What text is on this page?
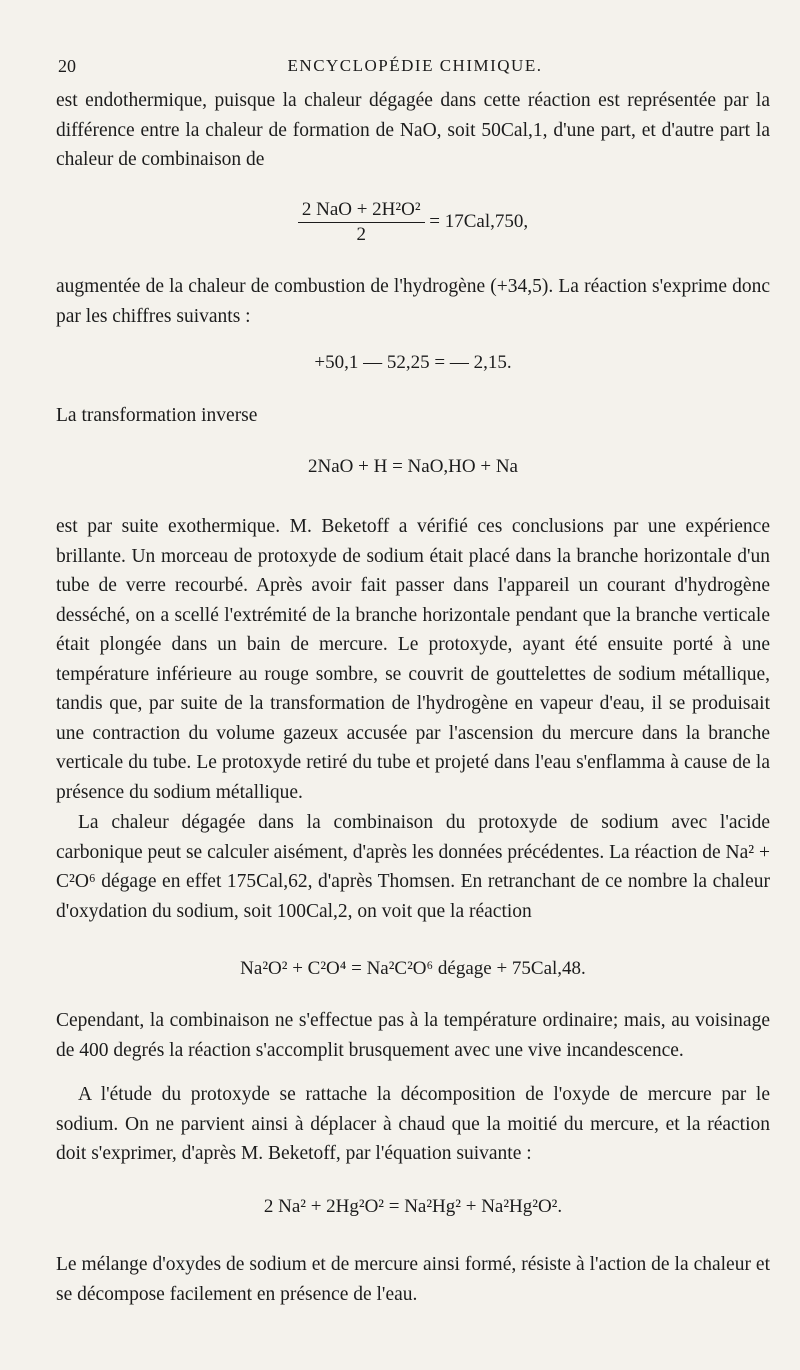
20	ENCYCLOPÉDIE CHIMIQUE.

est endothermique, puisque la chaleur dégagée dans cette réaction est représentée par la différence entre la chaleur de formation de NaO, soit 50Cal,1, d'une part, et d'autre part la chaleur de combinaison de

$\frac{\text{2 NaO + 2H²O²}}{2} = 17Cal,750$,

augmentée de la chaleur de combustion de l'hydrogène (+34,5). La réaction s'exprime donc par les chiffres suivants :

+50,1 — 52,25 = — 2,15.

La transformation inverse

2NaO + H = NaO,HO + Na

est par suite exothermique. M. Beketoff a vérifié ces conclusions par une expérience brillante. Un morceau de protoxyde de sodium était placé dans la branche horizontale d'un tube de verre recourbé. Après avoir fait passer dans l'appareil un courant d'hydrogène desséché, on a scellé l'extrémité de la branche horizontale pendant que la branche verticale était plongée dans un bain de mercure. Le protoxyde, ayant été ensuite porté à une température inférieure au rouge sombre, se couvrit de gouttelettes de sodium métallique, tandis que, par suite de la transformation de l'hydrogène en vapeur d'eau, il se produisait une contraction du volume gazeux accusée par l'ascension du mercure dans la branche verticale du tube. Le protoxyde retiré du tube et projeté dans l'eau s'enflamma à cause de la présence du sodium métallique.

La chaleur dégagée dans la combinaison du protoxyde de sodium avec l'acide carbonique peut se calculer aisément, d'après les données précédentes. La réaction de Na² + C²O⁶ dégage en effet 175Cal,62, d'après Thomsen. En retranchant de ce nombre la chaleur d'oxydation du sodium, soit 100Cal,2, on voit que la réaction

Na²O² + C²O⁴ = Na²C²O⁶ dégage + 75Cal,48.

Cependant, la combinaison ne s'effectue pas à la température ordinaire; mais, au voisinage de 400 degrés la réaction s'accomplit brusquement avec une vive incandescence.

A l'étude du protoxyde se rattache la décomposition de l'oxyde de mercure par le sodium. On ne parvient ainsi à déplacer à chaud que la moitié du mercure, et la réaction doit s'exprimer, d'après M. Beketoff, par l'équation suivante :

2 Na² + 2Hg²O² = Na²Hg² + Na²Hg²O².

Le mélange d'oxydes de sodium et de mercure ainsi formé, résiste à l'action de la chaleur et se décompose facilement en présence de l'eau.
